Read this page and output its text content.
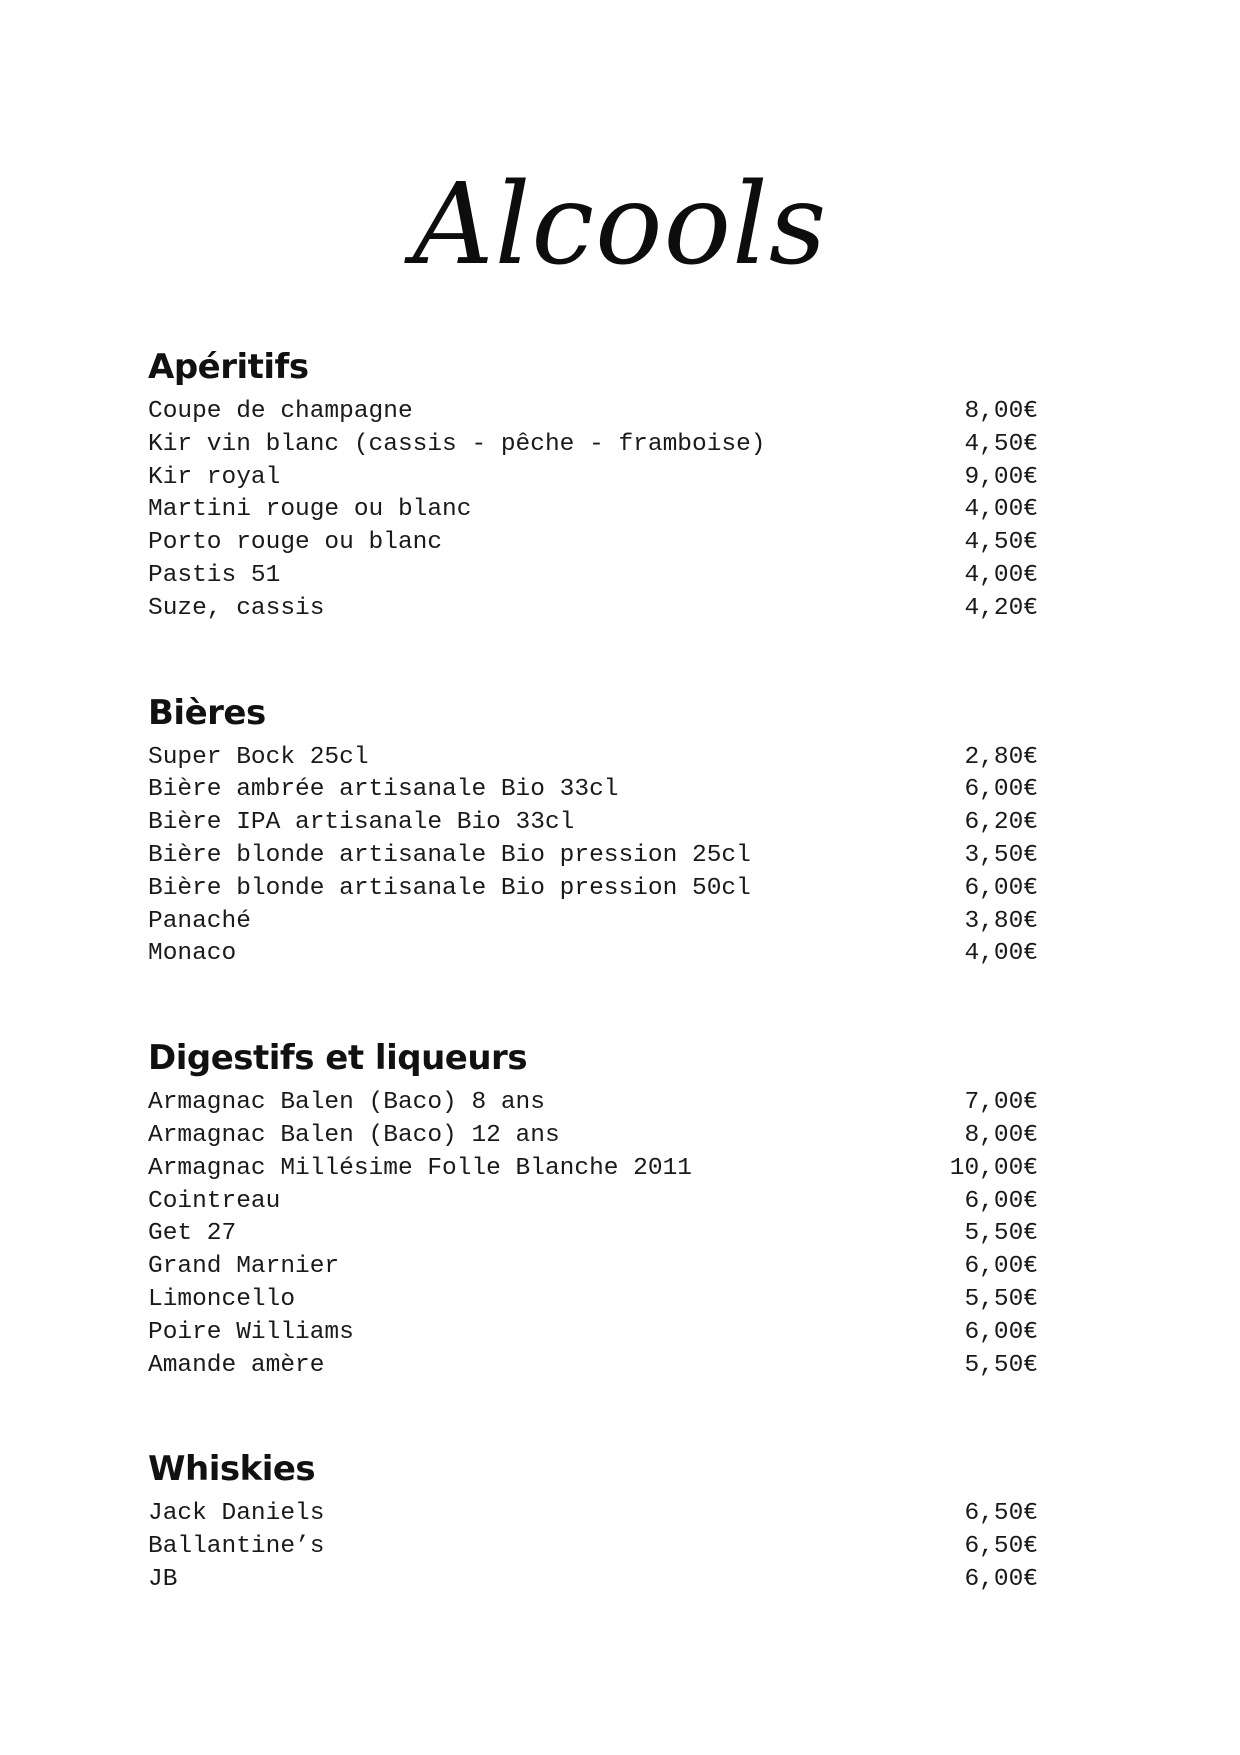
Alcools
Apéritifs
Coupe de champagne	8,00€
Kir vin blanc (cassis - pêche - framboise)	4,50€
Kir royal	9,00€
Martini rouge ou blanc	4,00€
Porto rouge ou blanc	4,50€
Pastis 51	4,00€
Suze, cassis	4,20€
Bières
Super Bock 25cl	2,80€
Bière ambrée artisanale Bio 33cl	6,00€
Bière IPA artisanale Bio 33cl	6,20€
Bière blonde artisanale Bio pression 25cl	3,50€
Bière blonde artisanale Bio pression 50cl	6,00€
Panaché	3,80€
Monaco	4,00€
Digestifs et liqueurs
Armagnac Balen (Baco) 8 ans	7,00€
Armagnac Balen (Baco) 12 ans	8,00€
Armagnac Millésime Folle Blanche 2011	10,00€
Cointreau	6,00€
Get 27	5,50€
Grand Marnier	6,00€
Limoncello	5,50€
Poire Williams	6,00€
Amande amère	5,50€
Whiskies
Jack Daniels	6,50€
Ballantine’s	6,50€
JB	6,00€
